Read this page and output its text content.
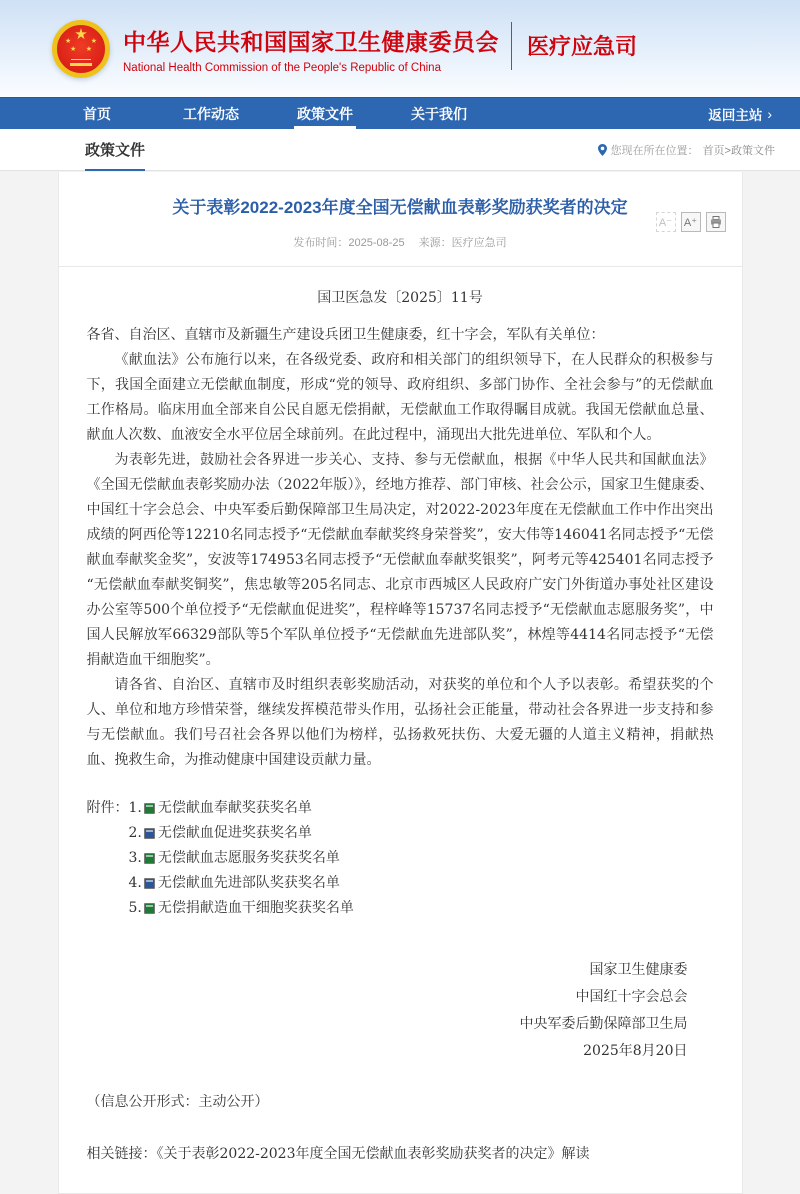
★
★	★
★ ★ 中华人民共和国国家卫生健康委员会
National Health Commission of the People's Republic of China
医疗应急司
首页	工作动态	政策文件	关于我们	返回主站 ›
政策文件	您现在所在位置： 首页>政策文件
关于表彰2022-2023年度全国无偿献血表彰奖励获奖者的决定
发布时间：2025-08-25 来源：医疗应急司
A⁻	A⁺
国卫医急发〔2025〕11号

各省、自治区、直辖市及新疆生产建设兵团卫生健康委，红十字会，军队有关单位：

《献血法》公布施行以来，在各级党委、政府和相关部门的组织领导下，在人民群众的积极参与下，我国全面建立无偿献血制度，形成“党的领导、政府组织、多部门协作、全社会参与”的无偿献血工作格局。临床用血全部来自公民自愿无偿捐献，无偿献血工作取得瞩目成就。我国无偿献血总量、献血人次数、血液安全水平位居全球前列。在此过程中，涌现出大批先进单位、军队和个人。

为表彰先进，鼓励社会各界进一步关心、支持、参与无偿献血，根据《中华人民共和国献血法》《全国无偿献血表彰奖励办法（2022年版）》，经地方推荐、部门审核、社会公示，国家卫生健康委、中国红十字会总会、中央军委后勤保障部卫生局决定，对2022-2023年度在无偿献血工作中作出突出成绩的阿西伦等12210名同志授予“无偿献血奉献奖终身荣誉奖”，安大伟等146041名同志授予“无偿献血奉献奖金奖”，安波等174953名同志授予“无偿献血奉献奖银奖”，阿考元等425401名同志授予“无偿献血奉献奖铜奖”，焦忠敏等205名同志、北京市西城区人民政府广安门外街道办事处社区建设办公室等500个单位授予“无偿献血促进奖”，程梓峰等15737名同志授予“无偿献血志愿服务奖”，中国人民解放军66329部队等5个军队单位授予“无偿献血先进部队奖”，林煌等4414名同志授予“无偿捐献造血干细胞奖”。

请各省、自治区、直辖市及时组织表彰奖励活动，对获奖的单位和个人予以表彰。希望获奖的个人、单位和地方珍惜荣誉，继续发挥模范带头作用，弘扬社会正能量，带动社会各界进一步支持和参与无偿献血。我们号召社会各界以他们为榜样，弘扬救死扶伤、大爱无疆的人道主义精神，捐献热血、挽救生命，为推动健康中国建设贡献力量。

附件： 1. 无偿献血奉献奖获奖名单
2. 无偿献血促进奖获奖名单
3. 无偿献血志愿服务奖获奖名单
4. 无偿献血先进部队奖获奖名单
5. 无偿捐献造血干细胞奖获奖名单
国家卫生健康委
中国红十字会总会
中央军委后勤保障部卫生局
2025年8月20日
（信息公开形式：主动公开）
相关链接：《关于表彰2022-2023年度全国无偿献血表彰奖励获奖者的决定》解读
